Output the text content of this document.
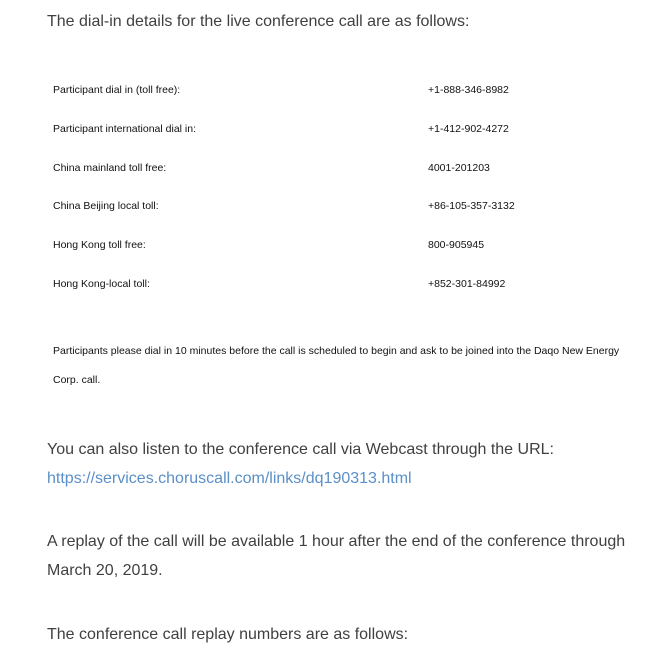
The dial-in details for the live conference call are as follows:

Participant dial in (toll free):	+1-888-346-8982
Participant international dial in:	+1-412-902-4272
China mainland toll free:	4001-201203
China Beijing local toll:	+86-105-357-3132
Hong Kong toll free:	800-905945
Hong Kong-local toll:	+852-301-84992

Participants please dial in 10 minutes before the call is scheduled to begin and ask to be joined into the Daqo New Energy Corp. call.

You can also listen to the conference call via Webcast through the URL:
https://services.choruscall.com/links/dq190313.html

A replay of the call will be available 1 hour after the end of the conference through March 20, 2019.

The conference call replay numbers are as follows:
